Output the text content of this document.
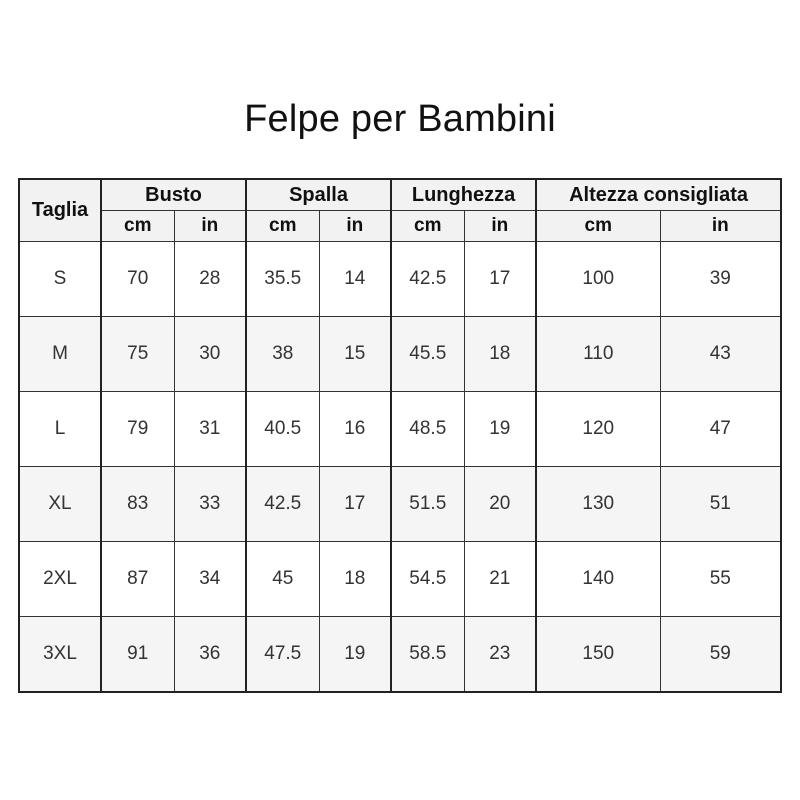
Felpe per Bambini
Taglia	Busto		Spalla		Lunghezza		Altezza consigliata	
	cm	in	cm	in	cm	in	cm	in
S	70	28	35.5	14	42.5	17	100	39
M	75	30	38	15	45.5	18	110	43
L	79	31	40.5	16	48.5	19	120	47
XL	83	33	42.5	17	51.5	20	130	51
2XL	87	34	45	18	54.5	21	140	55
3XL	91	36	47.5	19	58.5	23	150	59
